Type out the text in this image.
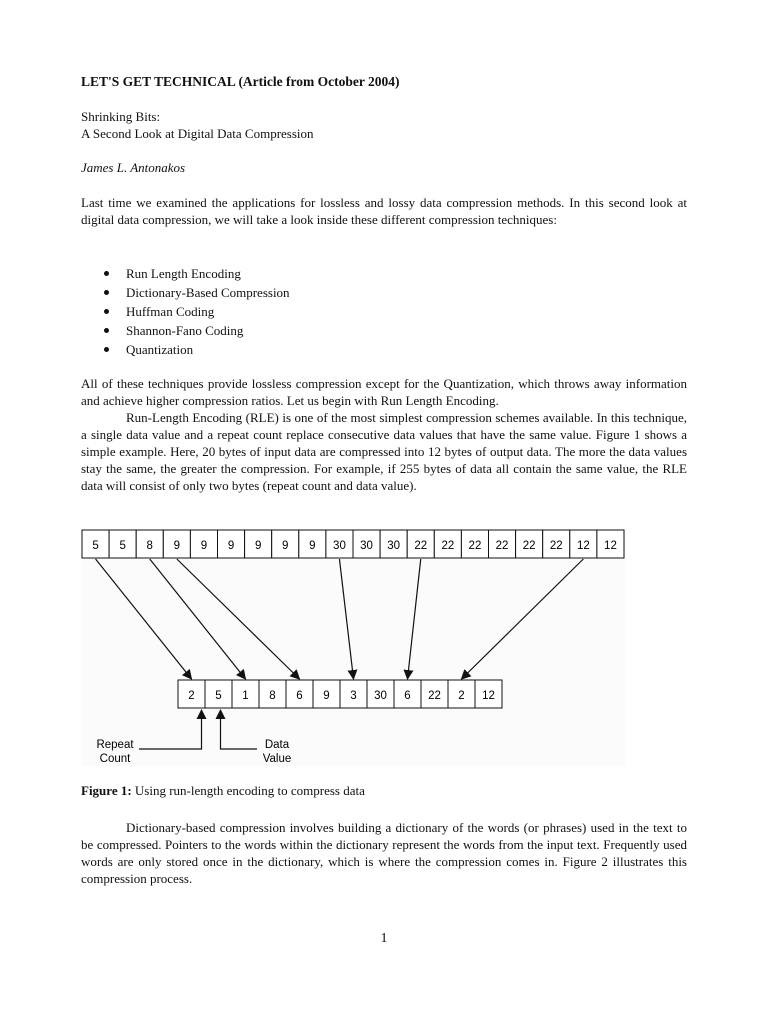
LET'S GET TECHNICAL (Article from October 2004)
Shrinking Bits:
A Second Look at Digital Data Compression
James L. Antonakos
Last time we examined the applications for lossless and lossy data compression methods. In this second look at digital data compression, we will take a look inside these different compression techniques:
Run Length Encoding
Dictionary-Based Compression
Huffman Coding
Shannon-Fano Coding
Quantization
All of these techniques provide lossless compression except for the Quantization, which throws away information and achieve higher compression ratios. Let us begin with Run Length Encoding.
Run-Length Encoding (RLE) is one of the most simplest compression schemes available. In this technique, a single data value and a repeat count replace consecutive data values that have the same value. Figure 1 shows a simple example. Here, 20 bytes of input data are compressed into 12 bytes of output data. The more the data values stay the same, the greater the compression. For example, if 255 bytes of data all contain the same value, the RLE data will consist of only two bytes (repeat count and data value).
Figure 1: Using run-length encoding to compress data
Dictionary-based compression involves building a dictionary of the words (or phrases) used in the text to be compressed. Pointers to the words within the dictionary represent the words from the input text. Frequently used words are only stored once in the dictionary, which is where the compression comes in. Figure 2 illustrates this compression process.
1
5 5 8 9 9 9 9 9 9 30 30 30 22 22 22 22 22 22 12 12
2 5 1 8 6 9 3 30 6 22 2 12
Repeat
Count
Data
Value
